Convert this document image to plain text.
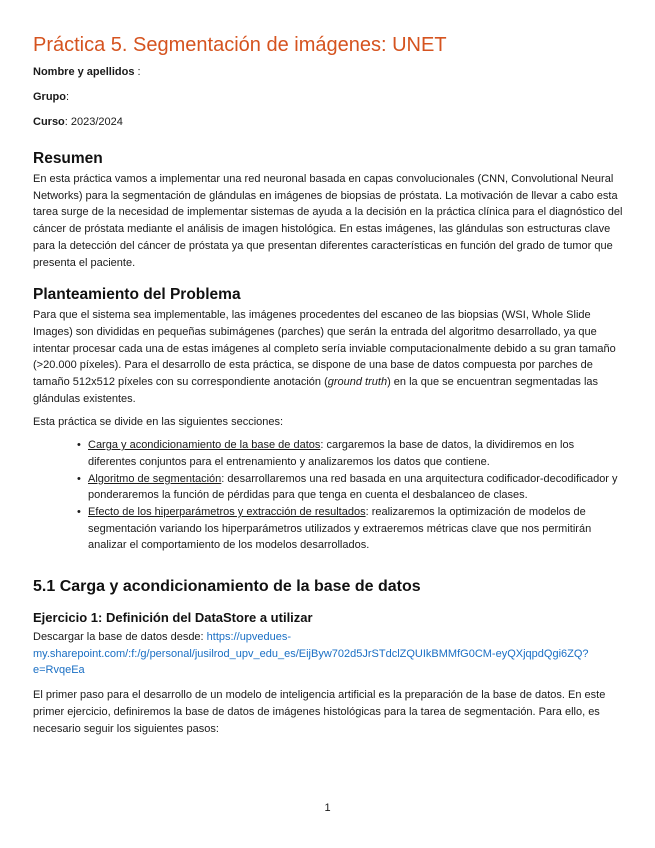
Práctica 5. Segmentación de imágenes: UNET

Nombre y apellidos :

Grupo:

Curso: 2023/2024

Resumen

En esta práctica vamos a implementar una red neuronal basada en capas convolucionales (CNN, Convolutional Neural Networks) para la segmentación de glándulas en imágenes de biopsias de próstata. La motivación de llevar a cabo esta tarea surge de la necesidad de implementar sistemas de ayuda a la decisión en la práctica clínica para el diagnóstico del cáncer de próstata mediante el análisis de imagen histológica. En estas imágenes, las glándulas son estructuras clave para la detección del cáncer de próstata ya que presentan diferentes características en función del grado de tumor que presenta el paciente.

Planteamiento del Problema

Para que el sistema sea implementable, las imágenes procedentes del escaneo de las biopsias (WSI, Whole Slide Images) son divididas en pequeñas subimágenes (parches) que serán la entrada del algoritmo desarrollado, ya que intentar procesar cada una de estas imágenes al completo sería inviable computacionalmente debido a su gran tamaño (>20.000 píxeles). Para el desarrollo de esta práctica, se dispone de una base de datos compuesta por parches de tamaño 512x512 píxeles con su correspondiente anotación (ground truth) en la que se encuentran segmentadas las glándulas existentes.

Esta práctica se divide en las siguientes secciones:

• Carga y acondicionamiento de la base de datos: cargaremos la base de datos, la dividiremos en los diferentes conjuntos para el entrenamiento y analizaremos los datos que contiene.
• Algoritmo de segmentación: desarrollaremos una red basada en una arquitectura codificador-decodificador y ponderaremos la función de pérdidas para que tenga en cuenta el desbalanceo de clases.
• Efecto de los hiperparámetros y extracción de resultados: realizaremos la optimización de modelos de segmentación variando los hiperparámetros utilizados y extraeremos métricas clave que nos permitirán analizar el comportamiento de los modelos desarrollados.
5.1 Carga y acondicionamiento de la base de datos
Ejercicio 1: Definición del DataStore a utilizar

Descargar la base de datos desde: https://upvedues-my.sharepoint.com/:f:/g/personal/jusilrod_upv_edu_es/EijByw702d5JrSTdclZQUIkBMMfG0CM-eyQXjqpdQgi6ZQ?e=RvqeEa

El primer paso para el desarrollo de un modelo de inteligencia artificial es la preparación de la base de datos. En este primer ejercicio, definiremos la base de datos de imágenes histológicas para la tarea de segmentación. Para ello, es necesario seguir los siguientes pasos:

1
